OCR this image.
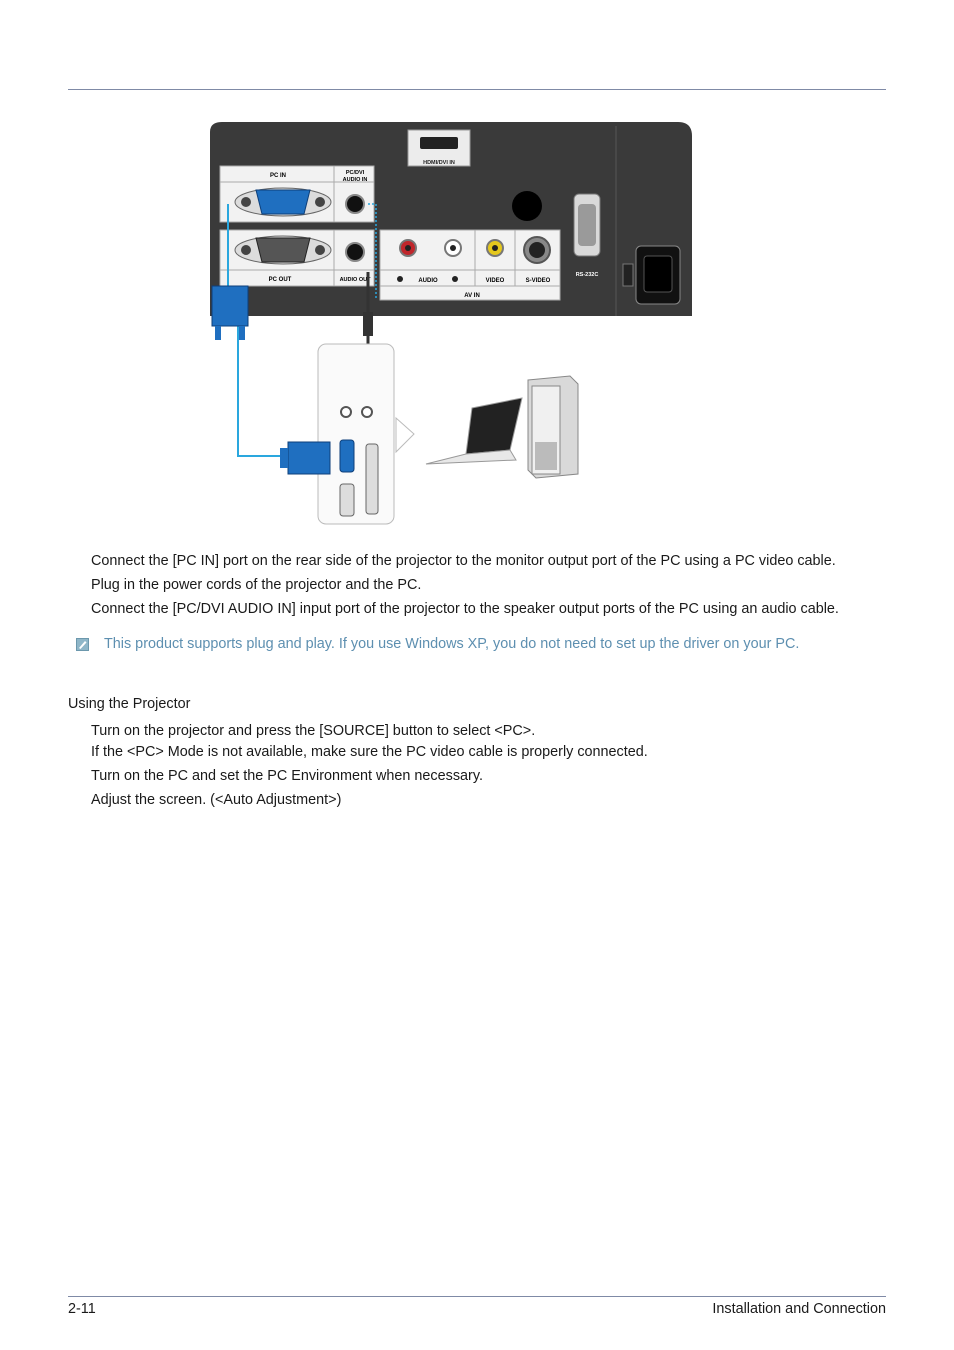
HDMI/DVI IN
PC IN	PC/DVI
AUDIO IN
PC OUT	AUDIO OUT	AUDIO	VIDEO	S-VIDEO
AV IN
RS-232C
Connect the [PC IN] port on the rear side of the projector to the monitor output port of the PC using a PC video cable.
Plug in the power cords of the projector and the PC.
Connect the [PC/DVI AUDIO IN] input port of the projector to the speaker output ports of the PC using an audio cable.
This product supports plug and play. If you use Windows XP, you do not need to set up the driver on your PC.
Using the Projector
Turn on the projector and press the [SOURCE] button to select <PC>.
If the <PC> Mode is not available, make sure the PC video cable is properly connected.
Turn on the PC and set the PC Environment when necessary.
Adjust the screen. (<Auto Adjustment>)
2-11	Installation and Connection
